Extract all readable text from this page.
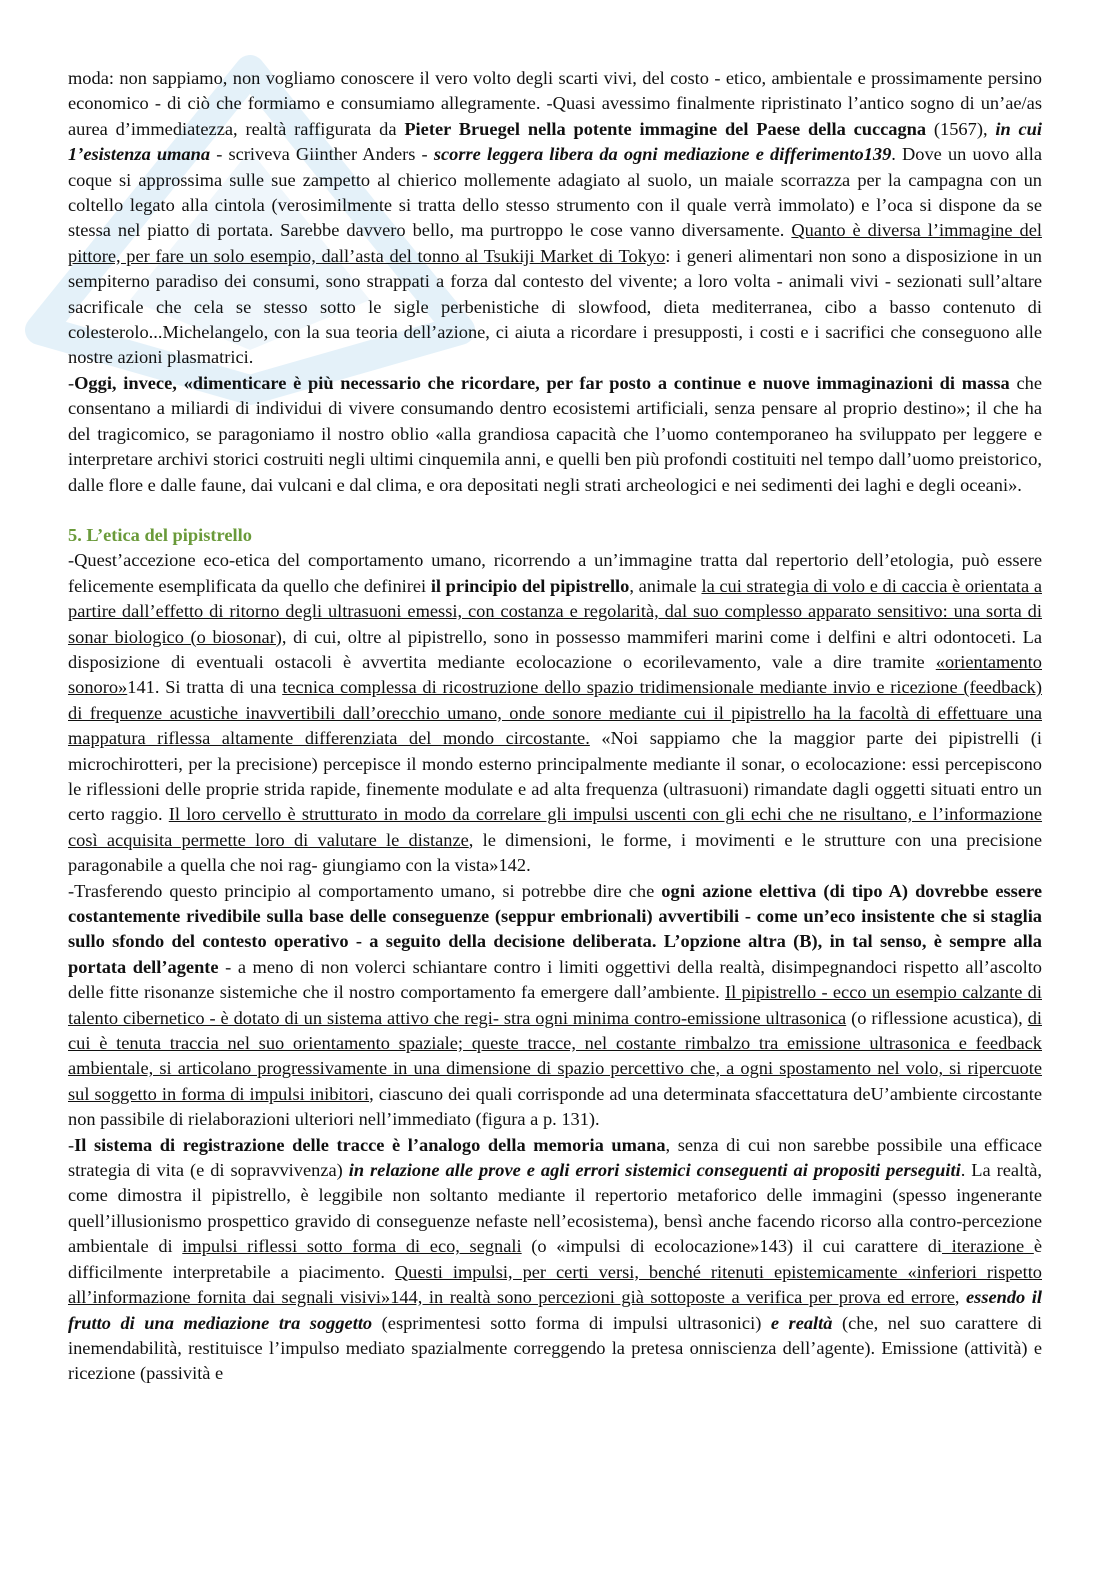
moda: non sappiamo, non vogliamo conoscere il vero volto degli scarti vivi, del costo - etico, ambientale e prossimamente persino economico - di ciò che formiamo e consumiamo allegramente. -Quasi avessimo finalmente ripristinato l’antico sogno di un’ae/as aurea d’immediatezza, realtà raffigurata da Pieter Bruegel nella potente immagine del Paese della cuccagna (1567), in cui 1’esistenza umana - scriveva Giinther Anders - scorre leggera libera da ogni mediazione e differimento139. Dove un uovo alla coque si approssima sulle sue zampetto al chierico mollemente adagiato al suolo, un maiale scorrazza per la campagna con un coltello legato alla cintola (verosimilmente si tratta dello stesso strumento con il quale verrà immolato) e l’oca si dispone da se stessa nel piatto di portata. Sarebbe davvero bello, ma purtroppo le cose vanno diversamente. Quanto è diversa l’immagine del pittore, per fare un solo esempio, dall’asta del tonno al Tsukiji Market di Tokyo: i generi alimentari non sono a disposizione in un sempiterno paradiso dei consumi, sono strappati a forza dal contesto del vivente; a loro volta - animali vivi - sezionati sull’altare sacrificale che cela se stesso sotto le sigle perbenistiche di slowfood, dieta mediterranea, cibo a basso contenuto di colesterolo...Michelangelo, con la sua teoria dell’azione, ci aiuta a ricordare i presupposti, i costi e i sacrifici che conseguono alle nostre azioni plasmatrici.

-Oggi, invece, «dimenticare è più necessario che ricordare, per far posto a continue e nuove immaginazioni di massa che consentano a miliardi di individui di vivere consumando dentro ecosistemi artificiali, senza pensare al proprio destino»; il che ha del tragicomico, se paragoniamo il nostro oblio «alla grandiosa capacità che l’uomo contemporaneo ha sviluppato per leggere e interpretare archivi storici costruiti negli ultimi cinquemila anni, e quelli ben più profondi costituiti nel tempo dall’uomo preistorico, dalle flore e dalle faune, dai vulcani e dal clima, e ora depositati negli strati archeologici e nei sedimenti dei laghi e degli oceani».

5. L’etica del pipistrello

-Quest’accezione eco-etica del comportamento umano, ricorrendo a un’immagine tratta dal repertorio dell’etologia, può essere felicemente esemplificata da quello che definirei il principio del pipistrello, animale la cui strategia di volo e di caccia è orientata a partire dall’effetto di ritorno degli ultrasuoni emessi, con costanza e regolarità, dal suo complesso apparato sensitivo: una sorta di sonar biologico (o biosonar), di cui, oltre al pipistrello, sono in possesso mammiferi marini come i delfini e altri odontoceti. La disposizione di eventuali ostacoli è avvertita mediante ecolocazione o ecorilevamento, vale a dire tramite «orientamento sonoro»141. Si tratta di una tecnica complessa di ricostruzione dello spazio tridimensionale mediante invio e ricezione (feedback) di frequenze acustiche inavvertibili dall’orecchio umano, onde sonore mediante cui il pipistrello ha la facoltà di effettuare una mappatura riflessa altamente differenziata del mondo circostante. «Noi sappiamo che la maggior parte dei pipistrelli (i microchirotteri, per la precisione) percepisce il mondo esterno principalmente mediante il sonar, o ecolocazione: essi percepiscono le riflessioni delle proprie strida rapide, finemente modulate e ad alta frequenza (ultrasuoni) rimandate dagli oggetti situati entro un certo raggio. Il loro cervello è strutturato in modo da correlare gli impulsi uscenti con gli echi che ne risultano, e l’informazione così acquisita permette loro di valutare le distanze, le dimensioni, le forme, i movimenti e le strutture con una precisione paragonabile a quella che noi rag- giungiamo con la vista»142.

-Trasferendo questo principio al comportamento umano, si potrebbe dire che ogni azione elettiva (di tipo A) dovrebbe essere costantemente rivedibile sulla base delle conseguenze (seppur embrionali) avvertibili - come un’eco insistente che si staglia sullo sfondo del contesto operativo - a seguito della decisione deliberata. L’opzione altra (B), in tal senso, è sempre alla portata dell’agente - a meno di non volerci schiantare contro i limiti oggettivi della realtà, disimpegnandoci rispetto all’ascolto delle fitte risonanze sistemiche che il nostro comportamento fa emergere dall’ambiente. Il pipistrello - ecco un esempio calzante di talento cibernetico - è dotato di un sistema attivo che regi- stra ogni minima contro-emissione ultrasonica (o riflessione acustica), di cui è tenuta traccia nel suo orientamento spaziale; queste tracce, nel costante rimbalzo tra emissione ultrasonica e feedback ambientale, si articolano progressivamente in una dimensione di spazio percettivo che, a ogni spostamento nel volo, si ripercuote sul soggetto in forma di impulsi inibitori, ciascuno dei quali corrisponde ad una determinata sfaccettatura deU’ambiente circostante non passibile di rielaborazioni ulteriori nell’immediato (figura a p. 131).

-Il sistema di registrazione delle tracce è l’analogo della memoria umana, senza di cui non sarebbe possibile una efficace strategia di vita (e di sopravvivenza) in relazione alle prove e agli errori sistemici conseguenti ai propositi perseguiti. La realtà, come dimostra il pipistrello, è leggibile non soltanto mediante il repertorio metaforico delle immagini (spesso ingenerante quell’illusionismo prospettico gravido di conseguenze nefaste nell’ecosistema), bensì anche facendo ricorso alla contro-percezione ambientale di impulsi riflessi sotto forma di eco, segnali (o «impulsi di ecolocazione»143) il cui carattere di iterazione è difficilmente interpretabile a piacimento. Questi impulsi, per certi versi, benché ritenuti epistemicamente «inferiori rispetto all’informazione fornita dai segnali visivi»144, in realtà sono percezioni già sottoposte a verifica per prova ed errore, essendo il frutto di una mediazione tra soggetto (esprimentesi sotto forma di impulsi ultrasonici) e realtà (che, nel suo carattere di inemendabilità, restituisce l’impulso mediato spazialmente correggendo la pretesa onniscienza dell’agente). Emissione (attività) e ricezione (passività e
